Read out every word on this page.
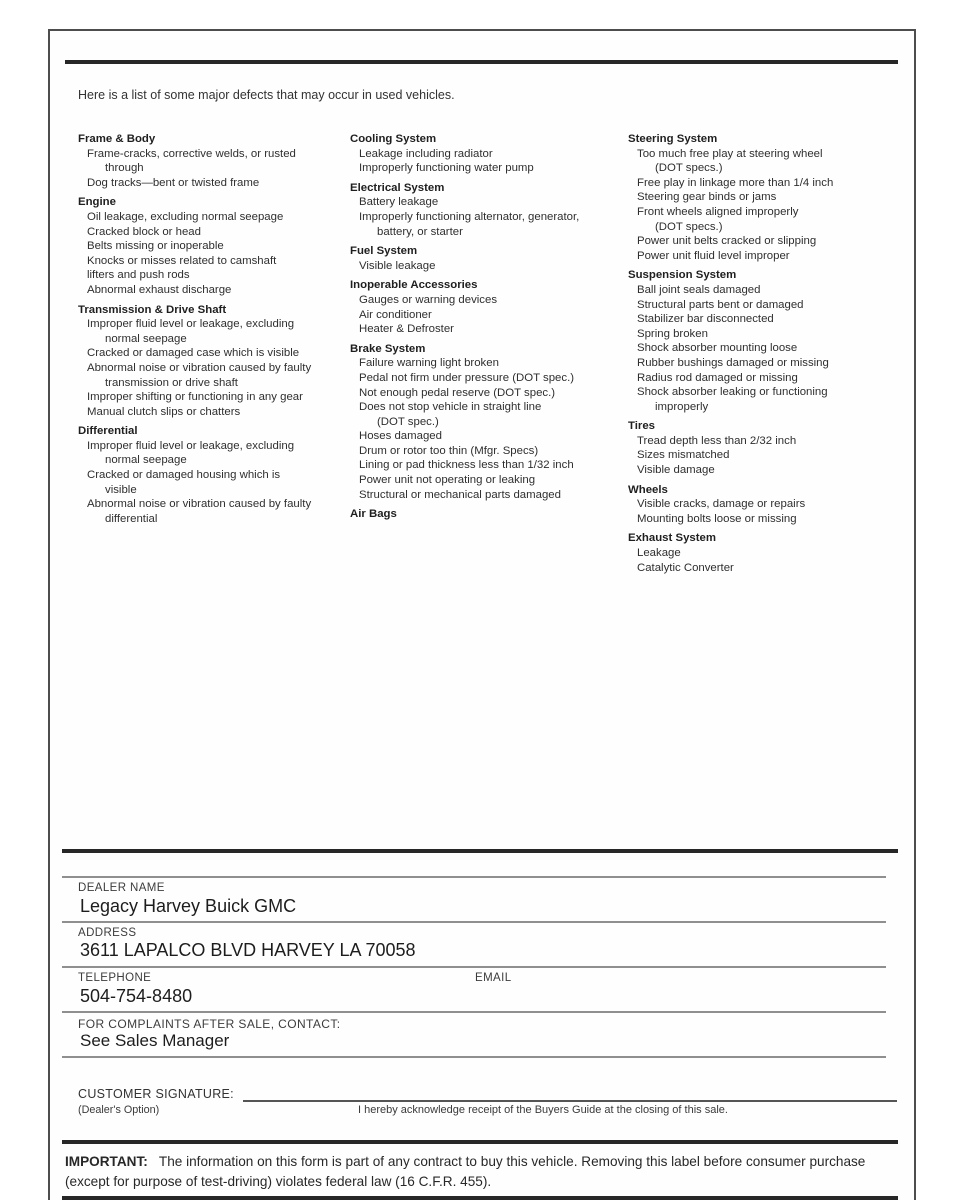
Here is a list of some major defects that may occur in used vehicles.
Frame & Body
Frame-cracks, corrective welds, or rusted
through
Dog tracks—bent or twisted frame
Engine
Oil leakage, excluding normal seepage
Cracked block or head
Belts missing or inoperable
Knocks or misses related to camshaft
lifters and push rods
Abnormal exhaust discharge
Transmission & Drive Shaft
Improper fluid level or leakage, excluding
normal seepage
Cracked or damaged case which is visible
Abnormal noise or vibration caused by faulty
transmission or drive shaft
Improper shifting or functioning in any gear
Manual clutch slips or chatters
Differential
Improper fluid level or leakage, excluding
normal seepage
Cracked or damaged housing which is
visible
Abnormal noise or vibration caused by faulty
differential
Cooling System
Leakage including radiator
Improperly functioning water pump
Electrical System
Battery leakage
Improperly functioning alternator, generator,
battery, or starter
Fuel System
Visible leakage
Inoperable Accessories
Gauges or warning devices
Air conditioner
Heater & Defroster
Brake System
Failure warning light broken
Pedal not firm under pressure (DOT spec.)
Not enough pedal reserve (DOT spec.)
Does not stop vehicle in straight line
(DOT spec.)
Hoses damaged
Drum or rotor too thin (Mfgr. Specs)
Lining or pad thickness less than 1/32 inch
Power unit not operating or leaking
Structural or mechanical parts damaged
Air Bags
Steering System
Too much free play at steering wheel
(DOT specs.)
Free play in linkage more than 1/4 inch
Steering gear binds or jams
Front wheels aligned improperly
(DOT specs.)
Power unit belts cracked or slipping
Power unit fluid level improper
Suspension System
Ball joint seals damaged
Structural parts bent or damaged
Stabilizer bar disconnected
Spring broken
Shock absorber mounting loose
Rubber bushings damaged or missing
Radius rod damaged or missing
Shock absorber leaking or functioning
improperly
Tires
Tread depth less than 2/32 inch
Sizes mismatched
Visible damage
Wheels
Visible cracks, damage or repairs
Mounting bolts loose or missing
Exhaust System
Leakage
Catalytic Converter
DEALER NAME
Legacy Harvey Buick GMC
ADDRESS
3611 LAPALCO BLVD HARVEY LA 70058
TELEPHONE	EMAIL
504-754-8480
FOR COMPLAINTS AFTER SALE, CONTACT:
See Sales Manager
CUSTOMER SIGNATURE:
(Dealer's Option)	I hereby acknowledge receipt of the Buyers Guide at the closing of this sale.
IMPORTANT:   The information on this form is part of any contract to buy this vehicle. Removing this label before consumer purchase (except for purpose of test-driving) violates federal law (16 C.F.R. 455).
